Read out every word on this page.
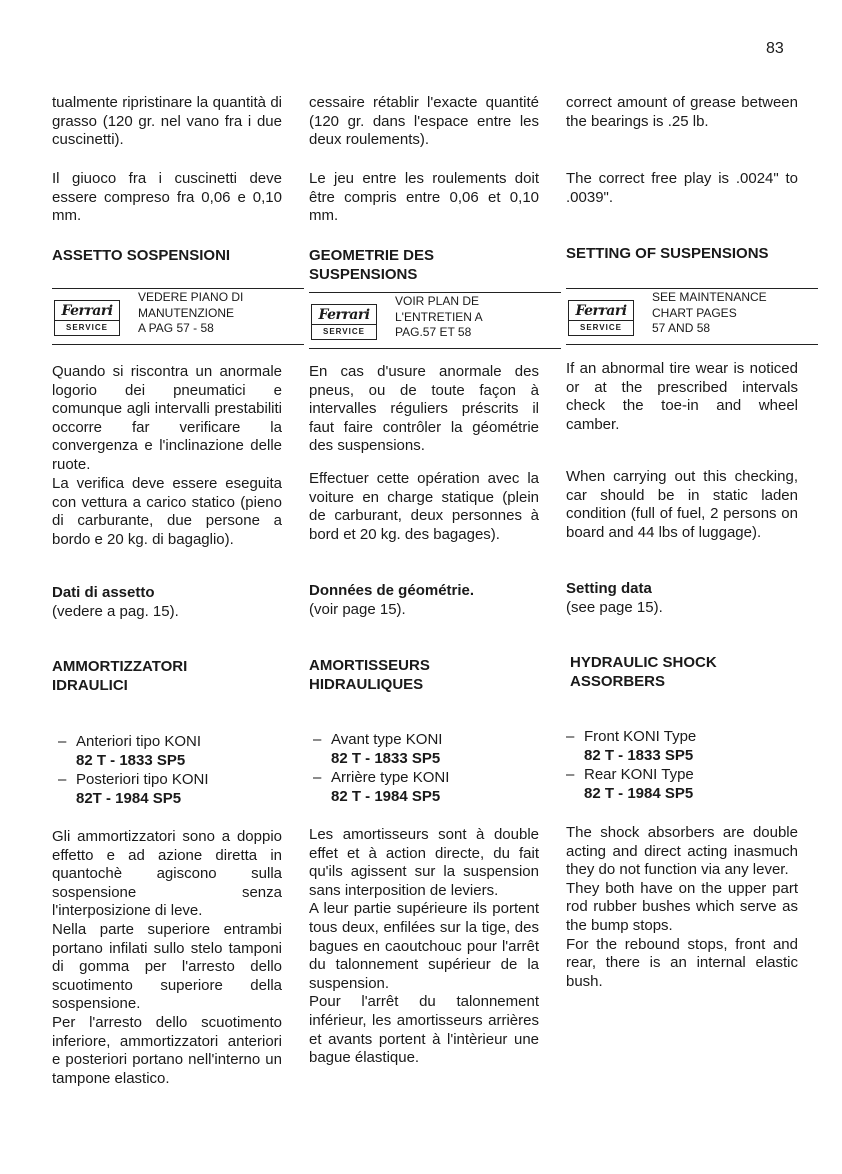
83

tualmente ripristinare la quantità di grasso (120 gr. nel vano fra i due cuscinetti).

Il giuoco fra i cuscinetti deve essere compreso fra 0,06 e 0,10 mm.

ASSETTO SOSPENSIONI
Ferrari
SERVICE
VEDERE PIANO DI
MANUTENZIONE
A PAG 57 - 58

Quando si riscontra un anormale logorio dei pneumatici e comunque agli intervalli prestabiliti occorre far verificare la convergenza e l'inclinazione delle ruote.

La verifica deve essere eseguita con vettura a carico statico (pieno di carburante, due persone a bordo e 20 kg. di bagaglio).

Dati di assetto

(vedere a pag. 15).

AMMORTIZZATORI
IDRAULICI
– Anteriori tipo KONI
82 T - 1833 SP5
– Posteriori tipo KONI
82T - 1984 SP5

Gli ammortizzatori sono a doppio effetto e ad azione diretta in quantochè agiscono sulla sospensione senza l'interposizione di leve.

Nella parte superiore entrambi portano infilati sullo stelo tamponi di gomma per l'arresto dello scuotimento superiore della sospensione.

Per l'arresto dello scuotimento inferiore, ammortizzatori anteriori e posteriori portano nell'interno un tampone elastico.

cessaire rétablir l'exacte quantité (120 gr. dans l'espace entre les deux roulements).

Le jeu entre les roulements doit être compris entre 0,06 et 0,10 mm.

GEOMETRIE DES
SUSPENSIONS
Ferrari
SERVICE
VOIR PLAN DE
L'ENTRETIEN A
PAG.57 ET 58

En cas d'usure anormale des pneus, ou de toute façon à intervalles réguliers préscrits il faut faire contrôler la géométrie des suspensions.

Effectuer cette opération avec la voiture en charge statique (plein de carburant, deux personnes à bord et 20 kg. des bagages).

Données de géométrie.

(voir page 15).

AMORTISSEURS
HIDRAULIQUES
– Avant type KONI
82 T - 1833 SP5
– Arrière type KONI
82 T - 1984 SP5

Les amortisseurs sont à double effet et à action directe, du fait qu'ils agissent sur la suspension sans interposition de leviers.

A leur partie supérieure ils portent tous deux, enfilées sur la tige, des bagues en caoutchouc pour l'arrêt du talonnement supérieur de la suspension.

Pour l'arrêt du talonnement inférieur, les amortisseurs arrières et avants portent à l'intèrieur une bague élastique.

correct amount of grease between the bearings is .25 lb.

The correct free play is .0024" to .0039".

SETTING OF SUSPENSIONS
Ferrari
SERVICE
SEE MAINTENANCE
CHART PAGES
57 AND 58

If an abnormal tire wear is noticed or at the prescribed intervals check the toe-in and wheel camber.

When carrying out this checking, car should be in static laden condition (full of fuel, 2 persons on board and 44 lbs of luggage).

Setting data

(see page 15).

HYDRAULIC SHOCK
ASSORBERS
– Front KONI Type
82 T - 1833 SP5
– Rear KONI Type
82 T - 1984 SP5

The shock absorbers are double acting and direct acting inasmuch they do not function via any lever.

They both have on the upper part rod rubber bushes which serve as the bump stops.

For the rebound stops, front and rear, there is an internal elastic bush.
